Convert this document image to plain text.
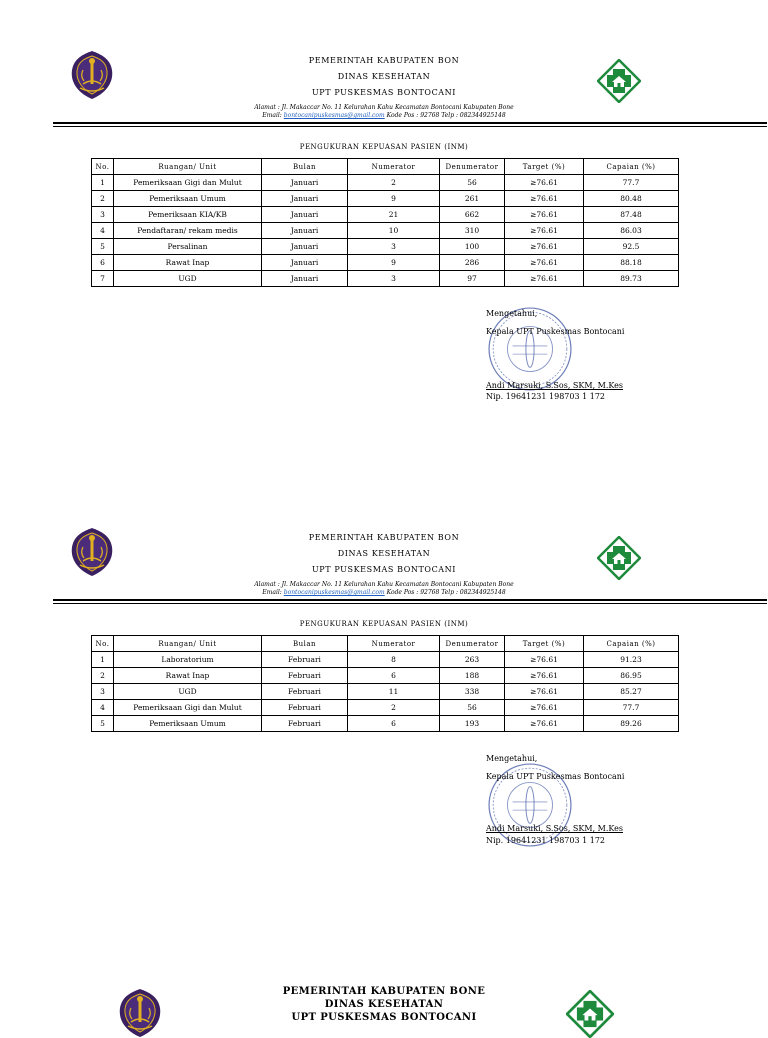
PEMERINTAH KABUPATEN BON
DINAS KESEHATAN
UPT PUSKESMAS BONTOCANI
Alamat : Jl. Makaccar No. 11 Kelurahan Kahu Kecamatan Bontocani Kabupaten Bone
Email: bontocanipuskesmas@gmail.com Kode Pos : 92768 Telp : 082344925148
PENGUKURAN KEPUASAN PASIEN (INM)
No.	Ruangan/ Unit	Bulan	Numerator	Denumerator	Target (%)	Capaian (%)
1	Pemeriksaan Gigi dan Mulut	Januari	2	56	≥76.61	77.7
2	Pemeriksaan Umum	Januari	9	261	≥76.61	80.48
3	Pemeriksaan KIA/KB	Januari	21	662	≥76.61	87.48
4	Pendaftaran/ rekam medis	Januari	10	310	≥76.61	86.03
5	Persalinan	Januari	3	100	≥76.61	92.5
6	Rawat Inap	Januari	9	286	≥76.61	88.18
7	UGD	Januari	3	97	≥76.61	89.73
Mengetahui,
Kepala UPT Puskesmas Bontocani
Andi Marsuki, S.Sos, SKM, M.Kes
Nip. 19641231 198703 1 172
PEMERINTAH KABUPATEN BON
DINAS KESEHATAN
UPT PUSKESMAS BONTOCANI
Alamat : Jl. Makaccar No. 11 Kelurahan Kahu Kecamatan Bontocani Kabupaten Bone
Email: bontocanipuskesmas@gmail.com Kode Pos : 92768 Telp : 082344925148
PENGUKURAN KEPUASAN PASIEN (INM)
No.	Ruangan/ Unit	Bulan	Numerator	Denumerator	Target (%)	Capaian (%)
1	Laboratorium	Februari	8	263	≥76.61	91.23
2	Rawat Inap	Februari	6	188	≥76.61	86.95
3	UGD	Februari	11	338	≥76.61	85.27
4	Pemeriksaan Gigi dan Mulut	Februari	2	56	≥76.61	77.7
5	Pemeriksaan Umum	Februari	6	193	≥76.61	89.26
Mengetahui,
Kepala UPT Puskesmas Bontocani
Andi Marsuki, S.Sos, SKM, M.Kes
Nip. 19641231 198703 1 172
PEMERINTAH KABUPATEN BONE
DINAS KESEHATAN
UPT PUSKESMAS BONTOCANI
